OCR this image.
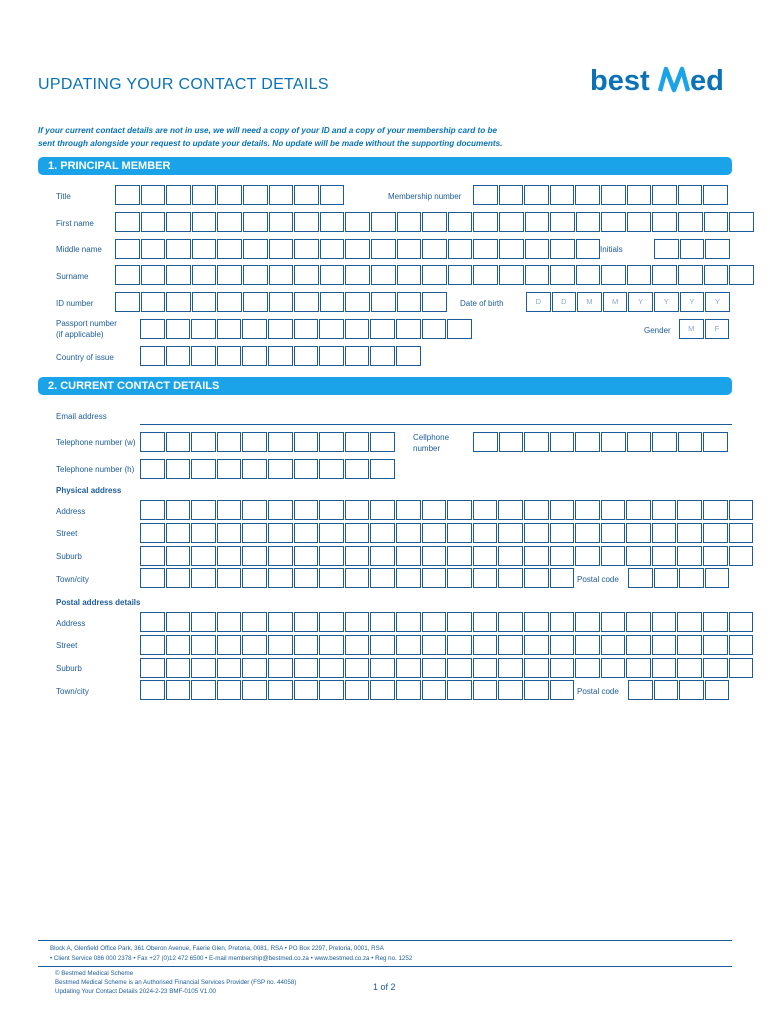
UPDATING YOUR CONTACT DETAILS	best ed
If your current contact details are not in use, we will need a copy of your ID and a copy of your membership card to be
sent through alongside your request to update your details. No update will be made without the supporting documents.
1. PRINCIPAL MEMBER
Title	Membership number
First name
Middle name	Initials
Surname
ID number	Date of birth	D	D	M	M	Y	Y	Y	Y
Passport number
(if applicable)	Gender	M	F
Country of issue
2. CURRENT CONTACT DETAILS
Email address
Telephone number (w)
Cellphone
number
Telephone number (h)
Physical address
Address
Street
Suburb
Town/city	Postal code
Postal address details
Address
Street
Suburb
Town/city	Postal code
Block A, Glenfield Office Park, 361 Oberon Avenue, Faerie Glen, Pretoria, 0081, RSA • PO Box 2297, Pretoria, 0001, RSA
• Client Service 086 000 2378 • Fax +27 (0)12 472 6500 • E-mail membership@bestmed.co.za • www.bestmed.co.za • Reg no. 1252
© Bestmed Medical Scheme
Bestmed Medical Scheme is an Authorised Financial Services Provider (FSP no. 44058)
Updating Your Contact Details 2024-2-23 BMF-0105 V1.00	1 of 2
